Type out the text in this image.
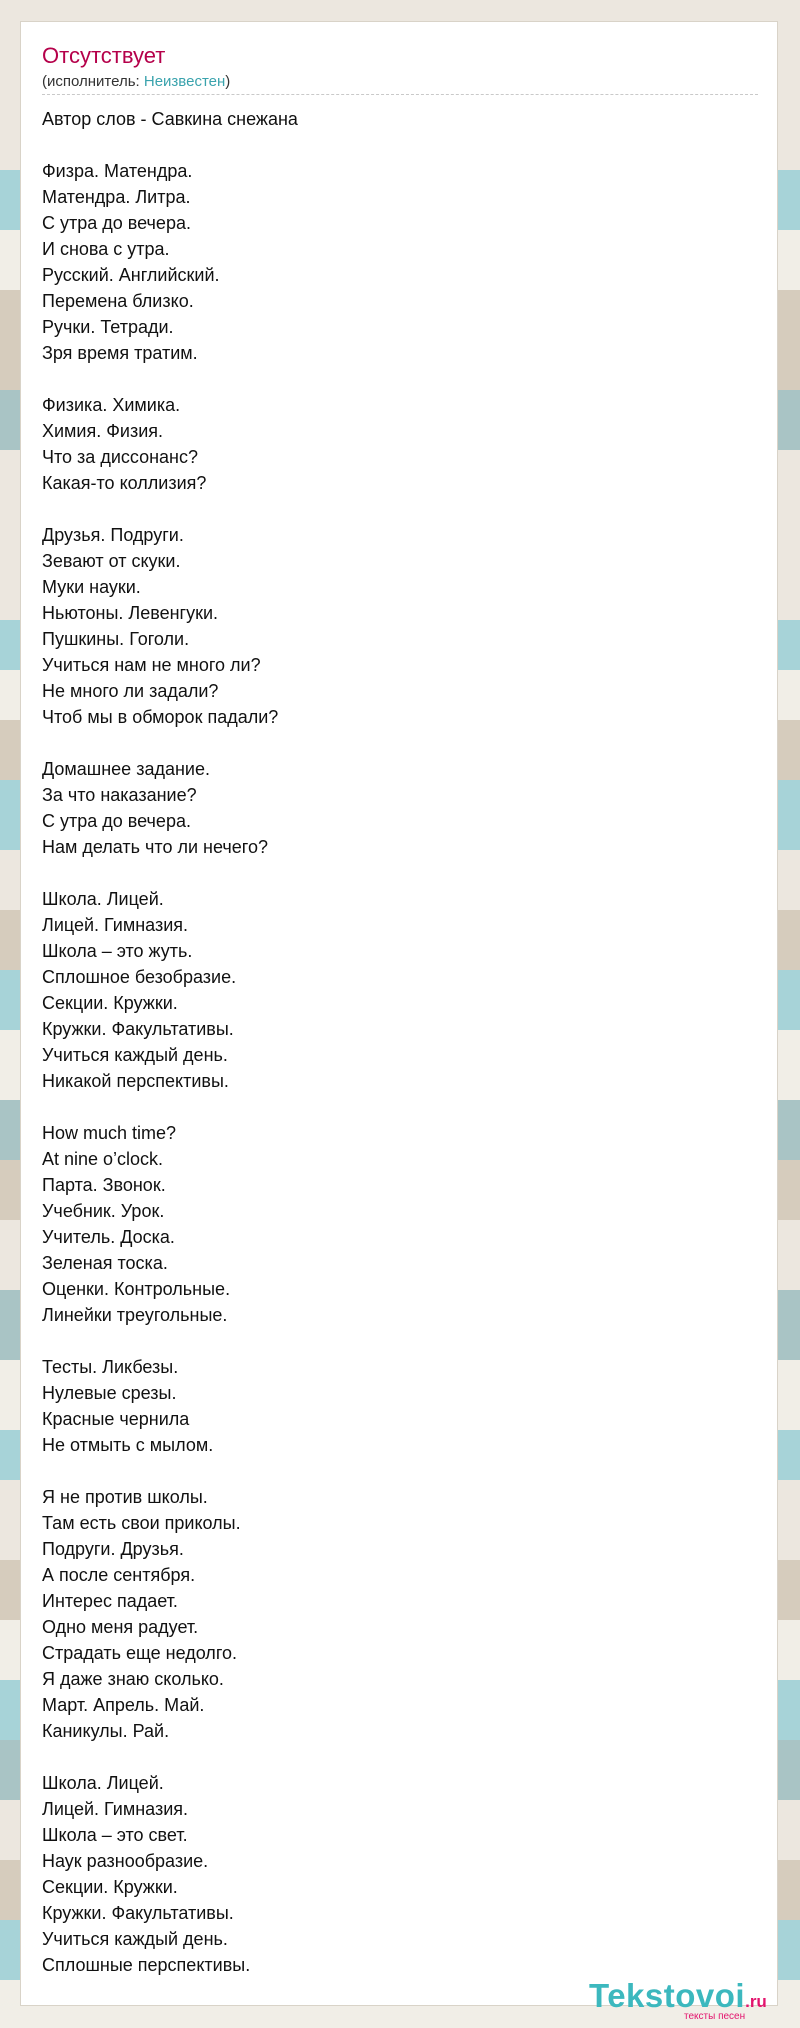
Отсутствует
(исполнитель: Неизвестен)
Автор слов - Савкина снежана
Физра. Матендра.
Матендра. Литра.
С утра до вечера.
И снова с утра.
Русский. Английский.
Перемена близко.
Ручки. Тетради.
Зря время тратим.
Физика. Химика.
Химия. Физия.
Что за диссонанс?
Какая-то коллизия?
Друзья. Подруги.
Зевают от скуки.
Муки науки.
Ньютоны. Левенгуки.
Пушкины. Гоголи.
Учиться нам не много ли?
Не много ли задали?
Чтоб мы в обморок падали?
Домашнее задание.
За что наказание?
С утра до вечера.
Нам делать что ли нечего?
Школа. Лицей.
Лицей. Гимназия.
Школа – это жуть.
Сплошное безобразие.
Секции. Кружки.
Кружки. Факультативы.
Учиться каждый день.
Никакой перспективы.
How much time?
At nine o’clock.
Парта. Звонок.
Учебник. Урок.
Учитель. Доска.
Зеленая тоска.
Оценки. Контрольные.
Линейки треугольные.
Тесты. Ликбезы.
Нулевые срезы.
Красные чернила
Не отмыть с мылом.
Я не против школы.
Там есть свои приколы.
Подруги. Друзья.
А после сентября.
Интерес падает.
Одно меня радует.
Страдать еще недолго.
Я даже знаю сколько.
Март. Апрель. Май.
Каникулы. Рай.
Школа. Лицей.
Лицей. Гимназия.
Школа – это свет.
Наук разнообразие.
Секции. Кружки.
Кружки. Факультативы.
Учиться каждый день.
Сплошные перспективы.
Tekstovoi.ru
тексты песен
